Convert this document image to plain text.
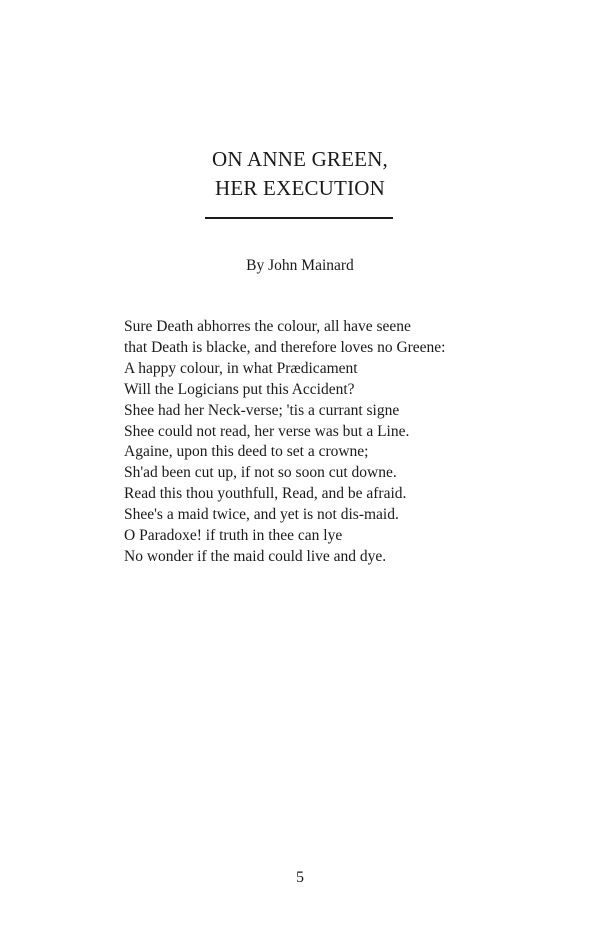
ON ANNE GREEN,
HER EXECUTION
By John Mainard
Sure Death abhorres the colour, all have seene
that Death is blacke, and therefore loves no Greene:
A happy colour, in what Prædicament
Will the Logicians put this Accident?
Shee had her Neck-verse; 'tis a currant signe
Shee could not read, her verse was but a Line.
Againe, upon this deed to set a crowne;
Sh'ad been cut up, if not so soon cut downe.
Read this thou youthfull, Read, and be afraid.
Shee's a maid twice, and yet is not dis-maid.
O Paradoxe! if truth in thee can lye
No wonder if the maid could live and dye.
5
